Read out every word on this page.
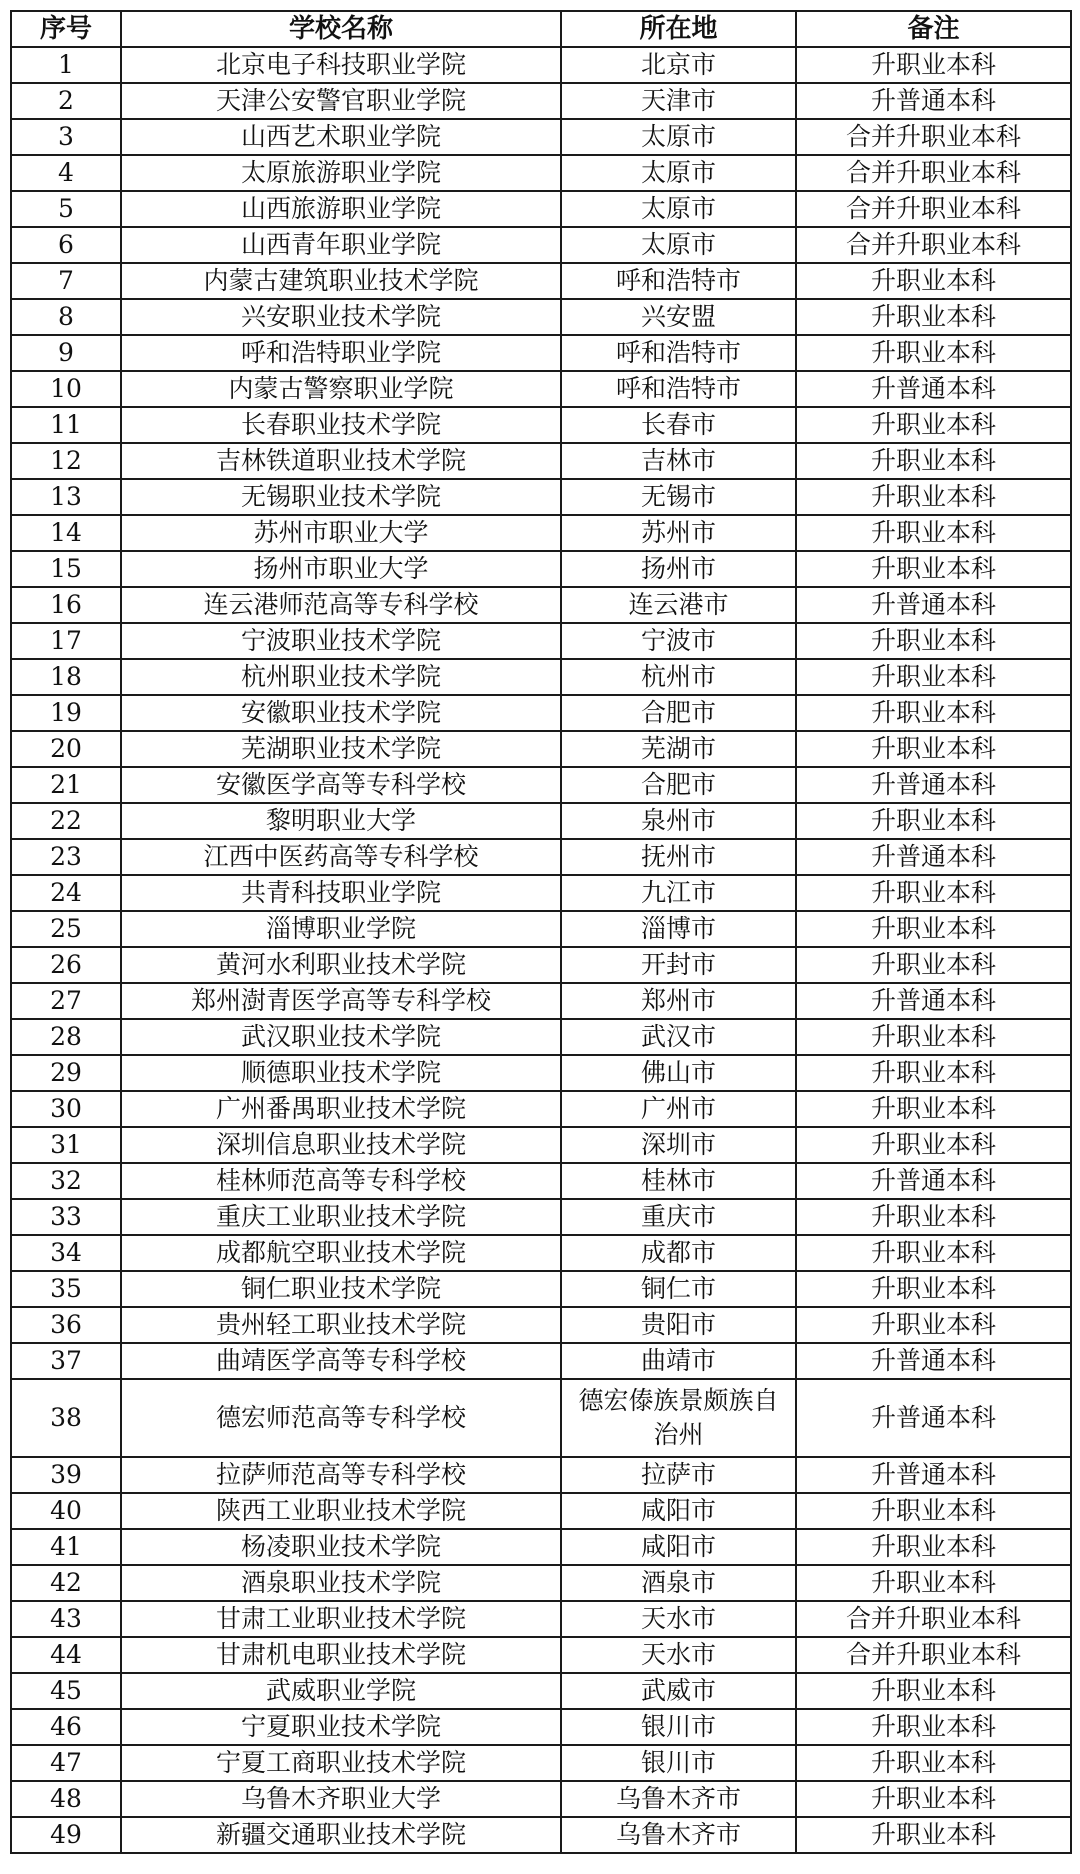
序号	学校名称	所在地	备注
1	北京电子科技职业学院	北京市	升职业本科
2	天津公安警官职业学院	天津市	升普通本科
3	山西艺术职业学院	太原市	合并升职业本科
4	太原旅游职业学院	太原市	合并升职业本科
5	山西旅游职业学院	太原市	合并升职业本科
6	山西青年职业学院	太原市	合并升职业本科
7	内蒙古建筑职业技术学院	呼和浩特市	升职业本科
8	兴安职业技术学院	兴安盟	升职业本科
9	呼和浩特职业学院	呼和浩特市	升职业本科
10	内蒙古警察职业学院	呼和浩特市	升普通本科
11	长春职业技术学院	长春市	升职业本科
12	吉林铁道职业技术学院	吉林市	升职业本科
13	无锡职业技术学院	无锡市	升职业本科
14	苏州市职业大学	苏州市	升职业本科
15	扬州市职业大学	扬州市	升职业本科
16	连云港师范高等专科学校	连云港市	升普通本科
17	宁波职业技术学院	宁波市	升职业本科
18	杭州职业技术学院	杭州市	升职业本科
19	安徽职业技术学院	合肥市	升职业本科
20	芜湖职业技术学院	芜湖市	升职业本科
21	安徽医学高等专科学校	合肥市	升普通本科
22	黎明职业大学	泉州市	升职业本科
23	江西中医药高等专科学校	抚州市	升普通本科
24	共青科技职业学院	九江市	升职业本科
25	淄博职业学院	淄博市	升职业本科
26	黄河水利职业技术学院	开封市	升职业本科
27	郑州澍青医学高等专科学校	郑州市	升普通本科
28	武汉职业技术学院	武汉市	升职业本科
29	顺德职业技术学院	佛山市	升职业本科
30	广州番禺职业技术学院	广州市	升职业本科
31	深圳信息职业技术学院	深圳市	升职业本科
32	桂林师范高等专科学校	桂林市	升普通本科
33	重庆工业职业技术学院	重庆市	升职业本科
34	成都航空职业技术学院	成都市	升职业本科
35	铜仁职业技术学院	铜仁市	升职业本科
36	贵州轻工职业技术学院	贵阳市	升职业本科
37	曲靖医学高等专科学校	曲靖市	升普通本科
38	德宏师范高等专科学校	德宏傣族景颇族自治州	升普通本科
39	拉萨师范高等专科学校	拉萨市	升普通本科
40	陕西工业职业技术学院	咸阳市	升职业本科
41	杨凌职业技术学院	咸阳市	升职业本科
42	酒泉职业技术学院	酒泉市	升职业本科
43	甘肃工业职业技术学院	天水市	合并升职业本科
44	甘肃机电职业技术学院	天水市	合并升职业本科
45	武威职业学院	武威市	升职业本科
46	宁夏职业技术学院	银川市	升职业本科
47	宁夏工商职业技术学院	银川市	升职业本科
48	乌鲁木齐职业大学	乌鲁木齐市	升职业本科
49	新疆交通职业技术学院	乌鲁木齐市	升职业本科
